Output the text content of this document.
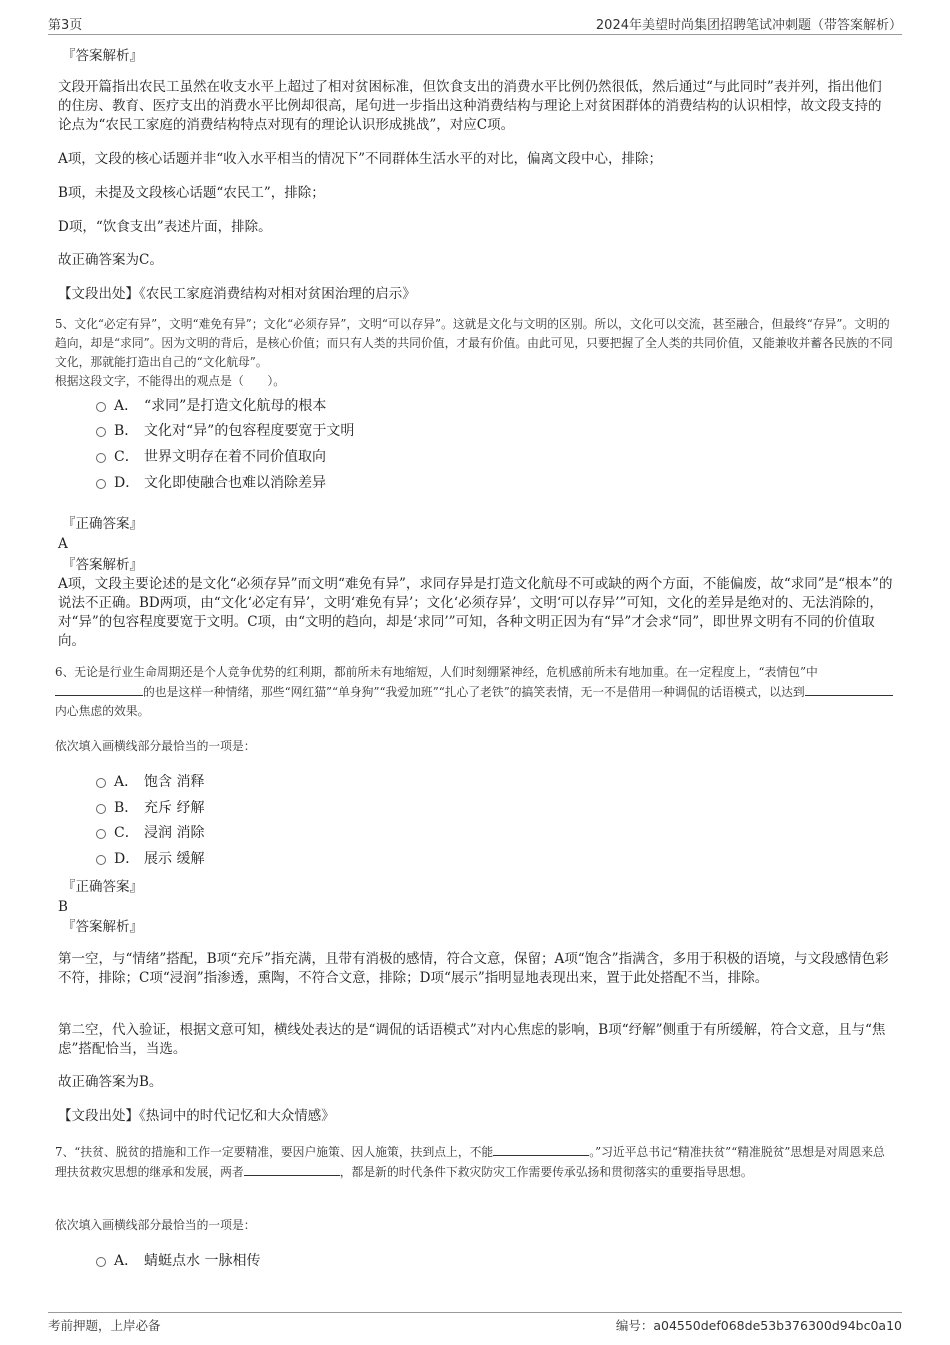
第3页	2024年美望时尚集团招聘笔试冲刺题（带答案解析）

『答案解析』

文段开篇指出农民工虽然在收支水平上超过了相对贫困标准，但饮食支出的消费水平比例仍然很低，然后通过“与此同时”表并列，指出他们的住房、教育、医疗支出的消费水平比例却很高，尾句进一步指出这种消费结构与理论上对贫困群体的消费结构的认识相悖，故文段支持的论点为“农民工家庭的消费结构特点对现有的理论认识形成挑战”，对应C项。

A项，文段的核心话题并非“收入水平相当的情况下”不同群体生活水平的对比，偏离文段中心，排除；

B项，未提及文段核心话题“农民工”，排除；

D项，“饮食支出”表述片面，排除。

故正确答案为C。

【文段出处】《农民工家庭消费结构对相对贫困治理的启示》

5、文化“必定有异”，文明“难免有异”；文化“必须存异”，文明“可以存异”。这就是文化与文明的区别。所以，文化可以交流，甚至融合，但最终“存异”。文明的趋向，却是“求同”。因为文明的背后，是核心价值；而只有人类的共同价值，才最有价值。由此可见，只要把握了全人类的共同价值，又能兼收并蓄各民族的不同文化，那就能打造出自己的“文化航母”。

根据这段文字，不能得出的观点是（　　）。

A． “求同”是打造文化航母的根本
B． 文化对“异”的包容程度要宽于文明
C． 世界文明存在着不同价值取向
D． 文化即使融合也难以消除差异

『正确答案』

A

『答案解析』

A项，文段主要论述的是文化“必须存异”而文明“难免有异”，求同存异是打造文化航母不可或缺的两个方面，不能偏废，故“求同”是“根本”的说法不正确。BD两项，由“文化‘必定有异’，文明‘难免有异’；文化‘必须存异’，文明‘可以存异’”可知，文化的差异是绝对的、无法消除的，对“异”的包容程度要宽于文明。C项，由“文明的趋向，却是‘求同’”可知，各种文明正因为有“异”才会求“同”，即世界文明有不同的价值取向。

6、无论是行业生命周期还是个人竞争优势的红利期，都前所未有地缩短，人们时刻绷紧神经，危机感前所未有地加重。在一定程度上，“表情包”中的也是这样一种情绪，那些“网红猫”“单身狗”“我爱加班”“扎心了老铁”的搞笑表情，无一不是借用一种调侃的话语模式，以达到内心焦虑的效果。

依次填入画横线部分最恰当的一项是：

A． 饱含 消释
B． 充斥 纾解
C． 浸润 消除
D． 展示 缓解

『正确答案』

B

『答案解析』

第一空，与“情绪”搭配，B项“充斥”指充满，且带有消极的感情，符合文意，保留；A项“饱含”指满含，多用于积极的语境，与文段感情色彩不符，排除；C项“浸润”指渗透，熏陶，不符合文意，排除；D项“展示”指明显地表现出来，置于此处搭配不当，排除。

第二空，代入验证，根据文意可知，横线处表达的是“调侃的话语模式”对内心焦虑的影响，B项“纾解”侧重于有所缓解，符合文意，且与“焦虑”搭配恰当，当选。

故正确答案为B。

【文段出处】《热词中的时代记忆和大众情感》

7、“扶贫、脱贫的措施和工作一定要精准，要因户施策、因人施策，扶到点上，不能	。”习近平总书记“精准扶贫”“精准脱贫”思想是对周恩来总理扶贫救灾思想的继承和发展，两者	，都是新的时代条件下救灾防灾工作需要传承弘扬和贯彻落实的重要指导思想。

依次填入画横线部分最恰当的一项是：

A． 蜻蜓点水 一脉相传
考前押题，上岸必备	编号：a04550def068de53b376300d94bc0a10
